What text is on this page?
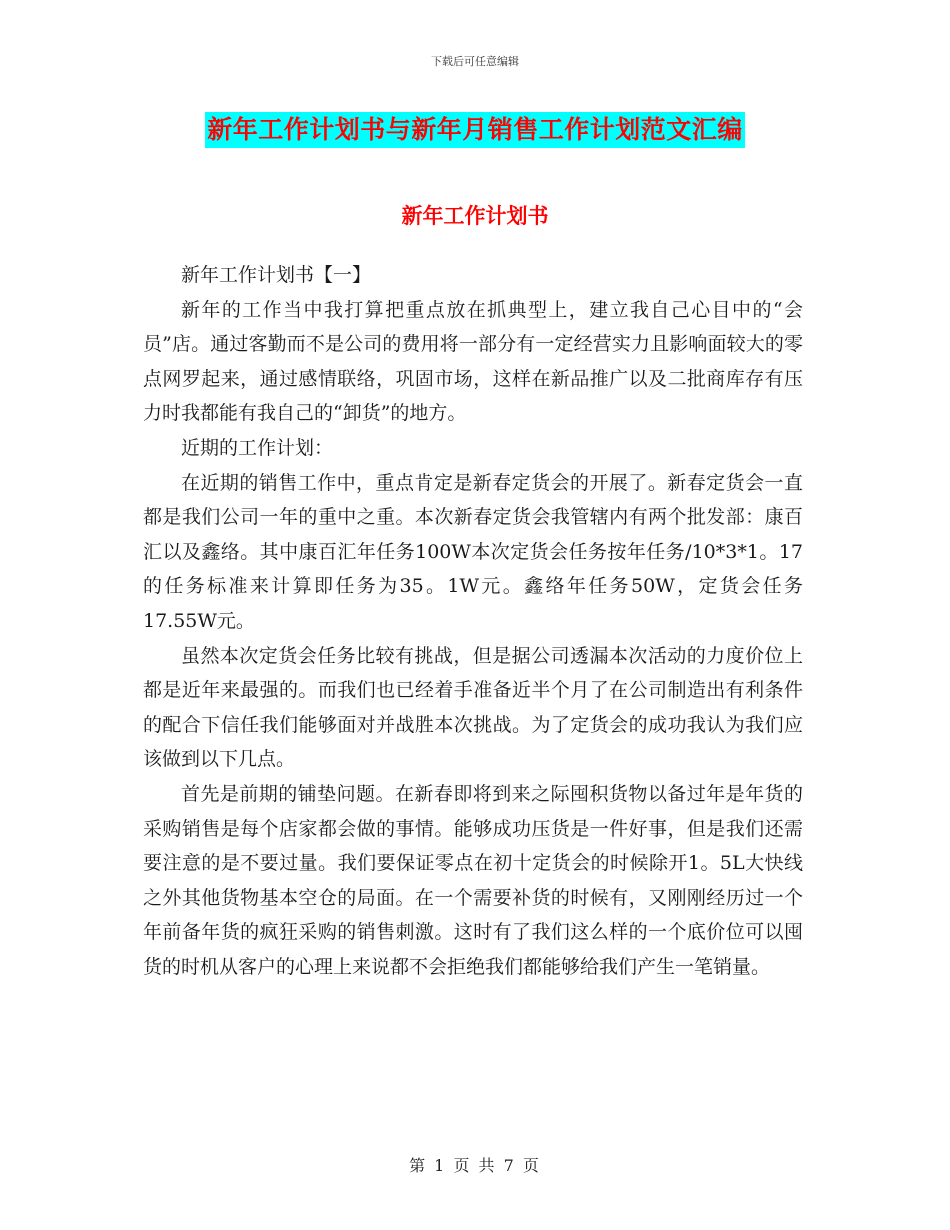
下载后可任意编辑
新年工作计划书与新年月销售工作计划范文汇编
新年工作计划书

新年工作计划书【一】

新年的工作当中我打算把重点放在抓典型上，建立我自己心目中的“会员”店。通过客勤而不是公司的费用将一部分有一定经营实力且影响面较大的零点网罗起来，通过感情联络，巩固市场，这样在新品推广以及二批商库存有压力时我都能有我自己的“卸货”的地方。

近期的工作计划：

在近期的销售工作中，重点肯定是新春定货会的开展了。新春定货会一直都是我们公司一年的重中之重。本次新春定货会我管辖内有两个批发部：康百汇以及鑫络。其中康百汇年任务100W本次定货会任务按年任务/10*3*1。17的任务标准来计算即任务为35。1W元。鑫络年任务50W，定货会任务 17.55W元。

虽然本次定货会任务比较有挑战，但是据公司透漏本次活动的力度价位上都是近年来最强的。而我们也已经着手准备近半个月了在公司制造出有利条件的配合下信任我们能够面对并战胜本次挑战。为了定货会的成功我认为我们应该做到以下几点。

首先是前期的铺垫问题。在新春即将到来之际囤积货物以备过年是年货的采购销售是每个店家都会做的事情。能够成功压货是一件好事，但是我们还需要注意的是不要过量。我们要保证零点在初十定货会的时候除开1。5L大快线之外其他货物基本空仓的局面。在一个需要补货的时候有，又刚刚经历过一个年前备年货的疯狂采购的销售刺激。这时有了我们这么样的一个底价位可以囤货的时机从客户的心理上来说都不会拒绝我们都能够给我们产生一笔销量。

第 1 页 共 7 页
